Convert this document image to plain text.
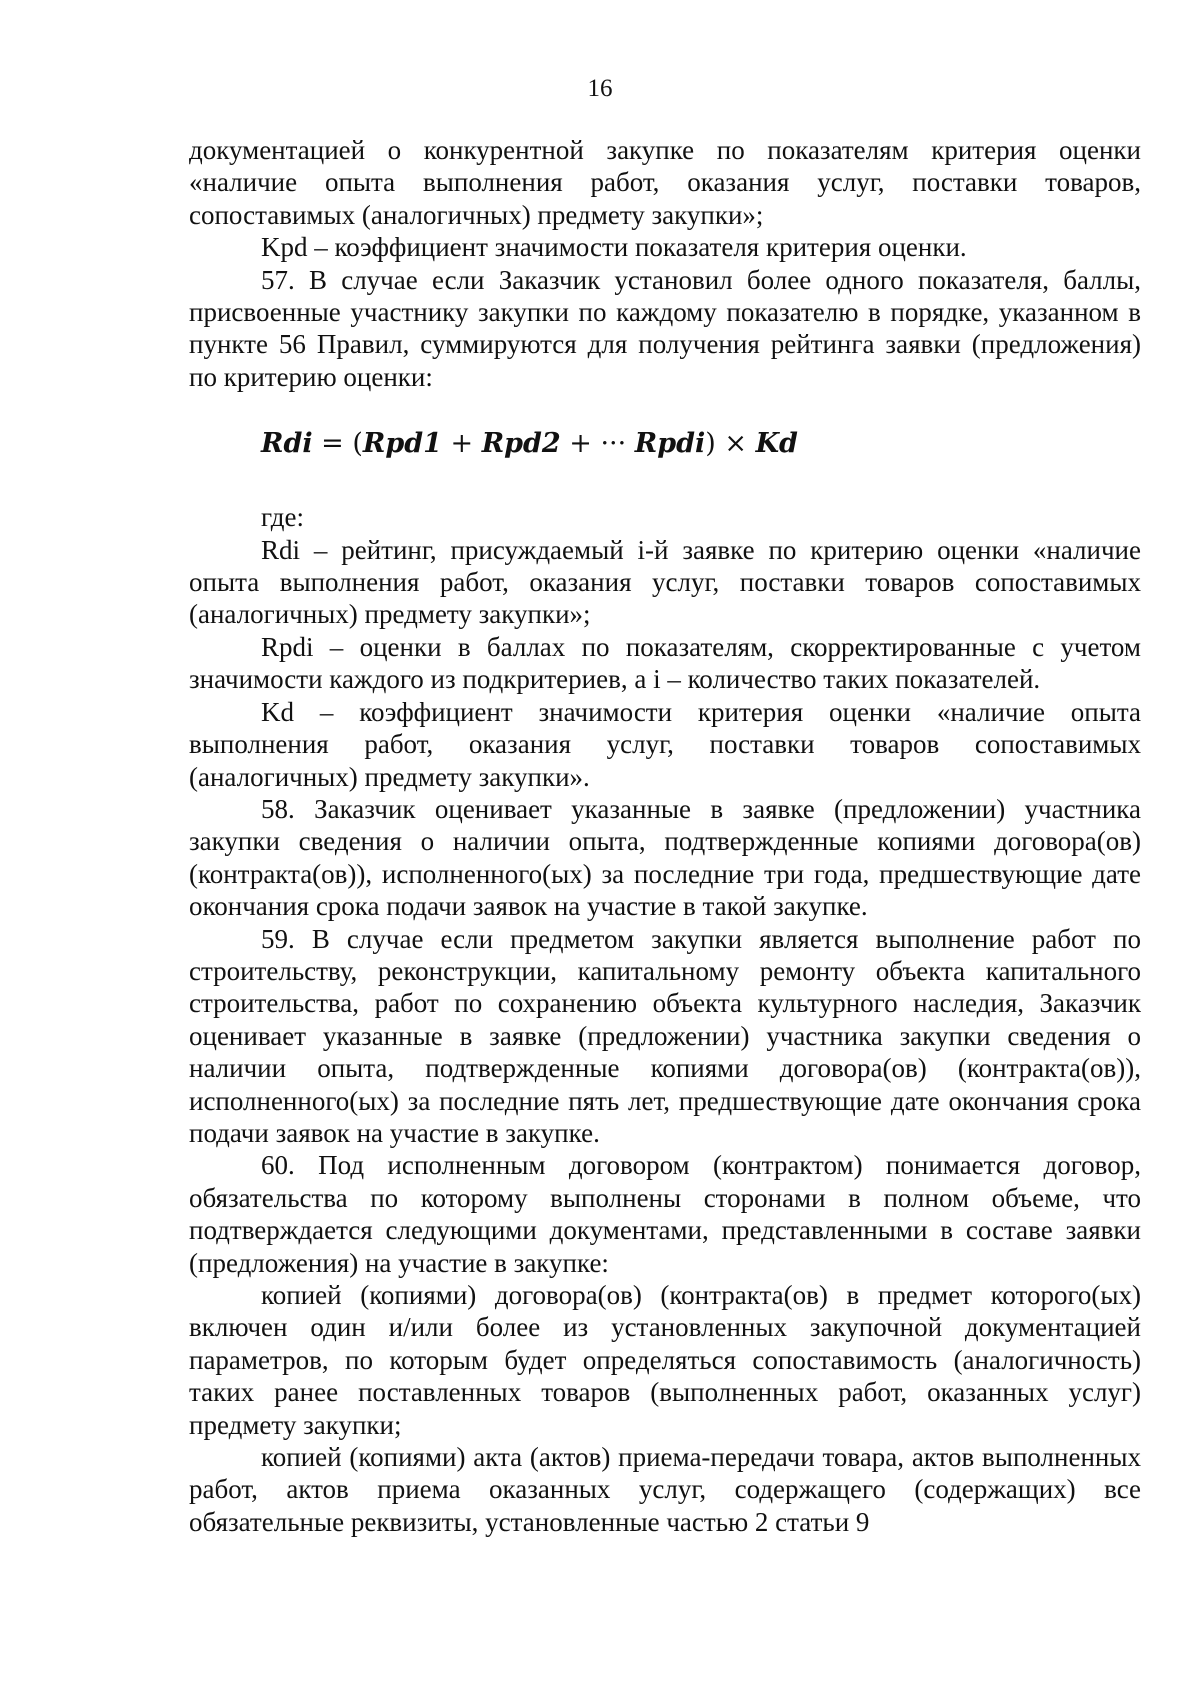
16

документацией о конкурентной закупке по показателям критерия оценки «наличие опыта выполнения работ, оказания услуг, поставки товаров, сопоставимых (аналогичных) предмету закупки»;

Kpd – коэффициент значимости показателя критерия оценки.

57. В случае если Заказчик установил более одного показателя, баллы, присвоенные участнику закупки по каждому показателю в порядке, указанном в пункте 56 Правил, суммируются для получения рейтинга заявки (предложения) по критерию оценки:

Rdi = (Rpd1 + Rpd2 + ··· Rpdi) × Kd

где:

Rdi – рейтинг, присуждаемый i-й заявке по критерию оценки «наличие опыта выполнения работ, оказания услуг, поставки товаров сопоставимых (аналогичных) предмету закупки»;

Rpdi – оценки в баллах по показателям, скорректированные с учетом значимости каждого из подкритериев, а i – количество таких показателей.

Kd – коэффициент значимости критерия оценки «наличие опыта выполнения работ, оказания услуг, поставки товаров сопоставимых (аналогичных) предмету закупки».

58. Заказчик оценивает указанные в заявке (предложении) участника закупки сведения о наличии опыта, подтвержденные копиями договора(ов) (контракта(ов)), исполненного(ых) за последние три года, предшествующие дате окончания срока подачи заявок на участие в такой закупке.

59. В случае если предметом закупки является выполнение работ по строительству, реконструкции, капитальному ремонту объекта капитального строительства, работ по сохранению объекта культурного наследия, Заказчик оценивает указанные в заявке (предложении) участника закупки сведения о наличии опыта, подтвержденные копиями договора(ов) (контракта(ов)), исполненного(ых) за последние пять лет, предшествующие дате окончания срока подачи заявок на участие в закупке.

60. Под исполненным договором (контрактом) понимается договор, обязательства по которому выполнены сторонами в полном объеме, что подтверждается следующими документами, представленными в составе заявки (предложения) на участие в закупке:

копией (копиями) договора(ов) (контракта(ов) в предмет которого(ых) включен один и/или более из установленных закупочной документацией параметров, по которым будет определяться сопоставимость (аналогичность) таких ранее поставленных товаров (выполненных работ, оказанных услуг) предмету закупки;

копией (копиями) акта (актов) приема-передачи товара, актов выполненных работ, актов приема оказанных услуг, содержащего (содержащих) все обязательные реквизиты, установленные частью 2 статьи 9
